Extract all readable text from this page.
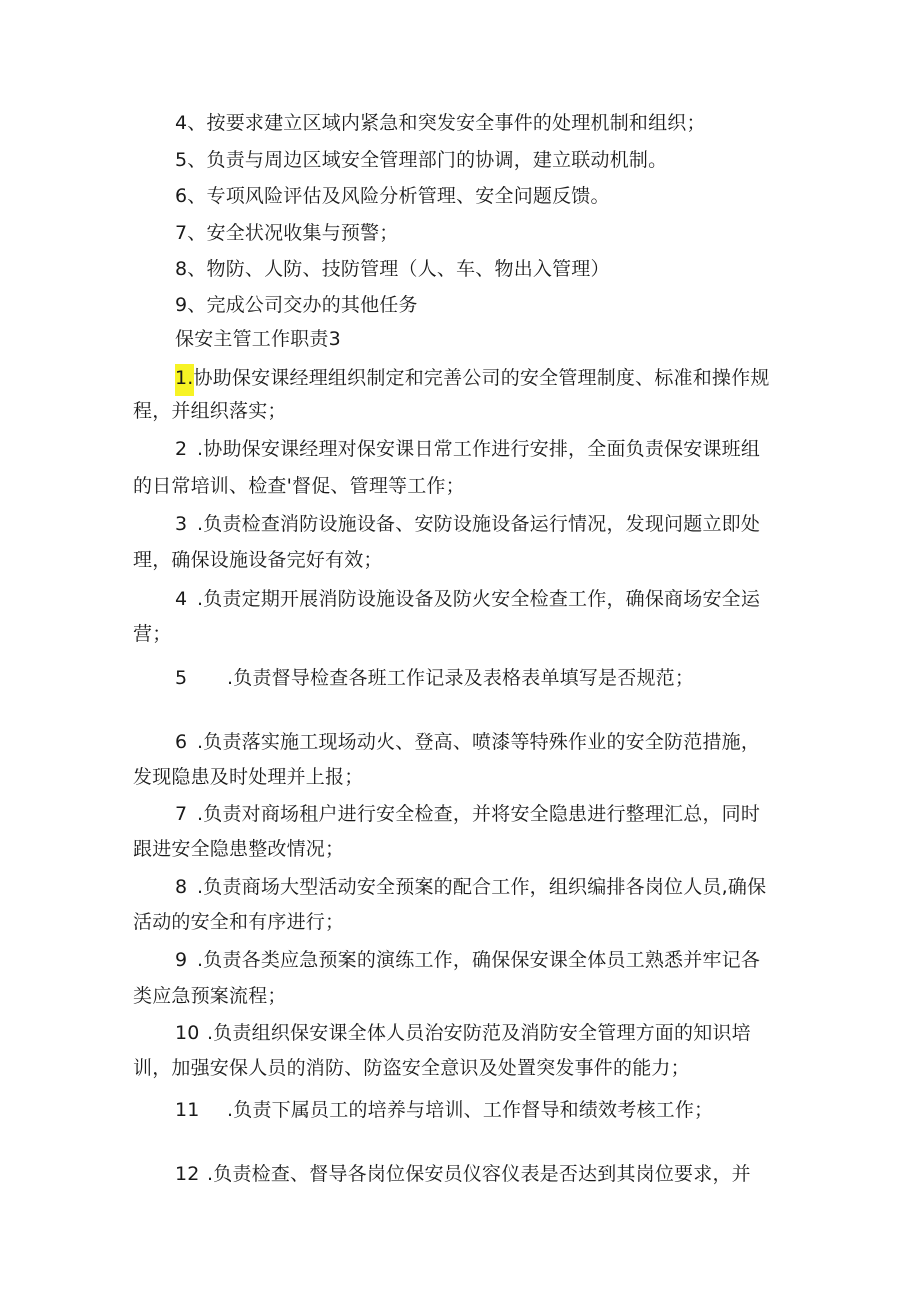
4、按要求建立区域内紧急和突发安全事件的处理机制和组织；
5、负责与周边区域安全管理部门的协调，建立联动机制。
6、专项风险评估及风险分析管理、安全问题反馈。
7、安全状况收集与预警；
8、物防、人防、技防管理（人、车、物出入管理）
9、完成公司交办的其他任务
保安主管工作职责3
1.协助保安课经理组织制定和完善公司的安全管理制度、标准和操作规
程，并组织落实；
2 .协助保安课经理对保安课日常工作进行安排，全面负责保安课班组
的日常培训、检查'督促、管理等工作；
3 .负责检查消防设施设备、安防设施设备运行情况，发现问题立即处
理，确保设施设备完好有效；
4 .负责定期开展消防设施设备及防火安全检查工作，确保商场安全运
营；
5 .负责督导检查各班工作记录及表格表单填写是否规范；
6 .负责落实施工现场动火、登高、喷漆等特殊作业的安全防范措施，
发现隐患及时处理并上报；
7 .负责对商场租户进行安全检查，并将安全隐患进行整理汇总，同时
跟进安全隐患整改情况；
8 .负责商场大型活动安全预案的配合工作，组织编排各岗位人员,确保
活动的安全和有序进行；
9 .负责各类应急预案的演练工作，确保保安课全体员工熟悉并牢记各
类应急预案流程；
10 .负责组织保安课全体人员治安防范及消防安全管理方面的知识培
训，加强安保人员的消防、防盗安全意识及处置突发事件的能力；
11 .负责下属员工的培养与培训、工作督导和绩效考核工作；
12 .负责检查、督导各岗位保安员仪容仪表是否达到其岗位要求，并
